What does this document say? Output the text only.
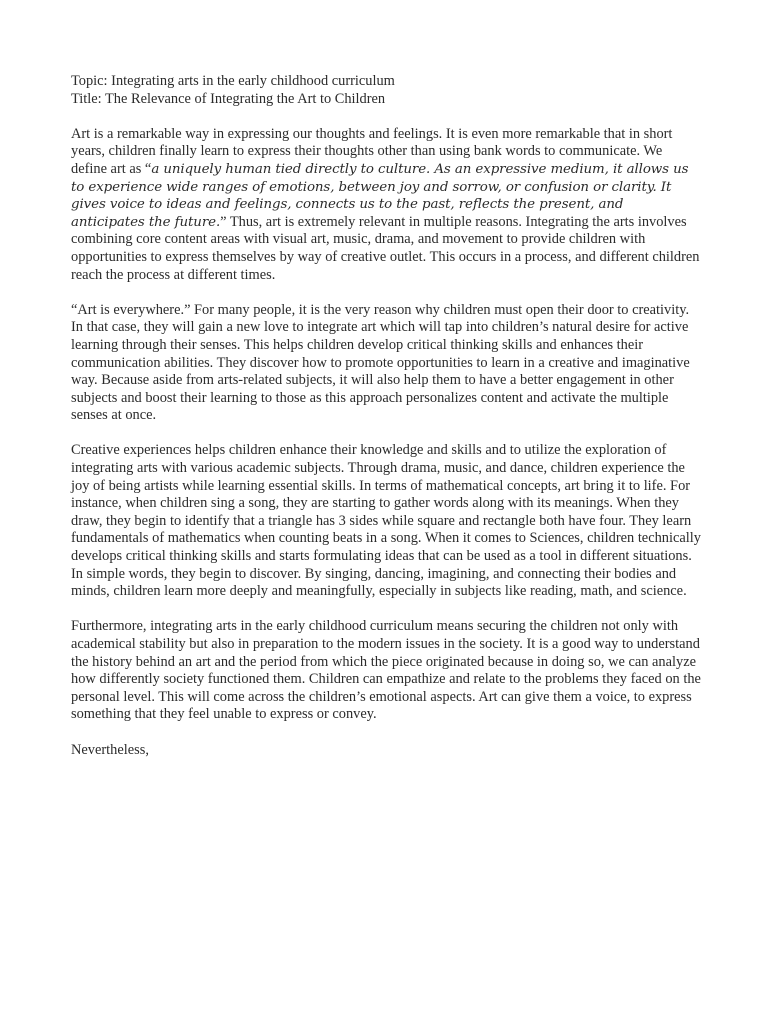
Topic: Integrating arts in the early childhood curriculum

Title: The Relevance of Integrating the Art to Children

Art is a remarkable way in expressing our thoughts and feelings. It is even more remarkable that in short years, children finally learn to express their thoughts other than using bank words to communicate. We define art as “a uniquely human tied directly to culture. As an expressive medium, it allows us to experience wide ranges of emotions, between joy and sorrow, or confusion or clarity. It gives voice to ideas and feelings, connects us to the past, reflects the present, and anticipates the future.” Thus, art is extremely relevant in multiple reasons. Integrating the arts involves combining core content areas with visual art, music, drama, and movement to provide children with opportunities to express themselves by way of creative outlet. This occurs in a process, and different children reach the process at different times.

“Art is everywhere.” For many people, it is the very reason why children must open their door to creativity. In that case, they will gain a new love to integrate art which will tap into children’s natural desire for active learning through their senses. This helps children develop critical thinking skills and enhances their communication abilities. They discover how to promote opportunities to learn in a creative and imaginative way. Because aside from arts-related subjects, it will also help them to have a better engagement in other subjects and boost their learning to those as this approach personalizes content and activate the multiple senses at once.

Creative experiences helps children enhance their knowledge and skills and to utilize the exploration of integrating arts with various academic subjects. Through drama, music, and dance, children experience the joy of being artists while learning essential skills. In terms of mathematical concepts, art bring it to life. For instance, when children sing a song, they are starting to gather words along with its meanings. When they draw, they begin to identify that a triangle has 3 sides while square and rectangle both have four. They learn fundamentals of mathematics when counting beats in a song. When it comes to Sciences, children technically develops critical thinking skills and starts formulating ideas that can be used as a tool in different situations. In simple words, they begin to discover. By singing, dancing, imagining, and connecting their bodies and minds, children learn more deeply and meaningfully, especially in subjects like reading, math, and science.

Furthermore, integrating arts in the early childhood curriculum means securing the children not only with academical stability but also in preparation to the modern issues in the society. It is a good way to understand the history behind an art and the period from which the piece originated because in doing so, we can analyze how differently society functioned them. Children can empathize and relate to the problems they faced on the personal level. This will come across the children’s emotional aspects. Art can give them a voice, to express something that they feel unable to express or convey.

Nevertheless,
